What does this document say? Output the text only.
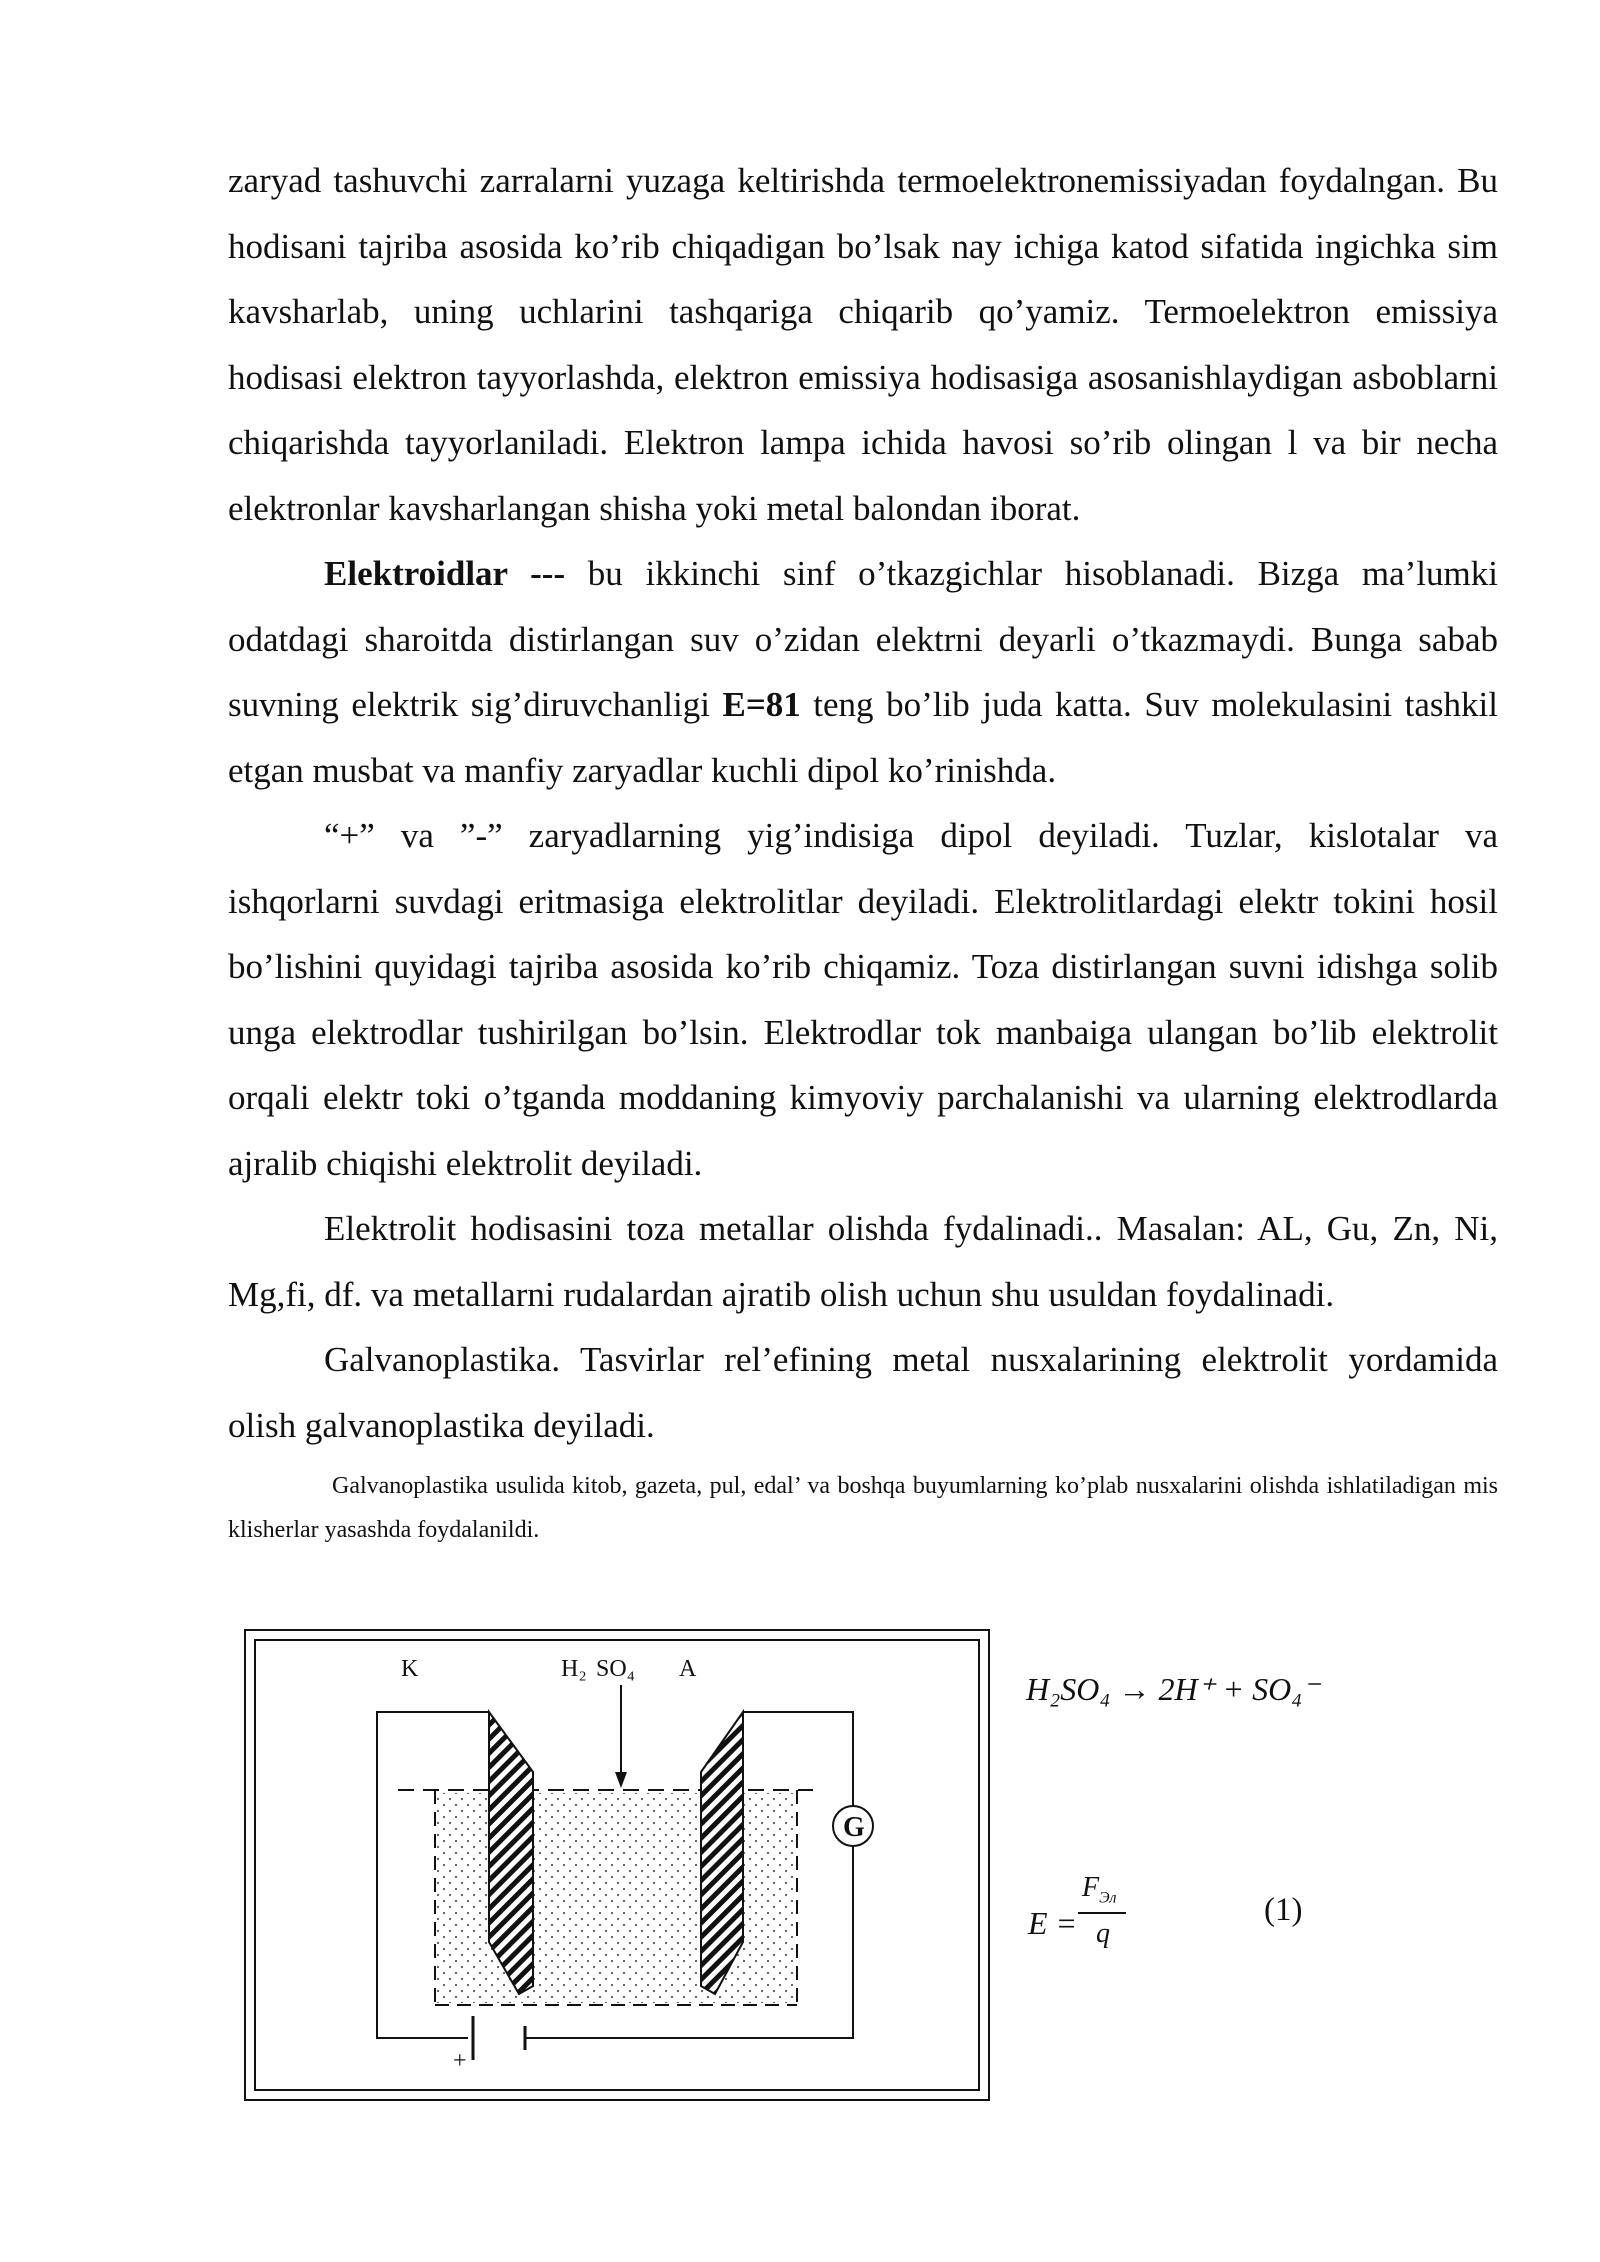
zaryad tashuvchi zarralarni yuzaga keltirishda termoelektronemissiyadan foydalngan. Bu hodisani tajriba asosida ko’rib chiqadigan bo’lsak nay ichiga katod sifatida ingichka sim kavsharlab, uning uchlarini tashqariga chiqarib qo’yamiz. Termoelektron emissiya hodisasi elektron tayyorlashda, elektron emissiya hodisasiga asosanishlaydigan asboblarni chiqarishda tayyorlaniladi. Elektron lampa ichida havosi so’rib olingan l va bir necha elektronlar kavsharlangan shisha yoki metal balondan iborat.

Elektroidlar --- bu ikkinchi sinf o’tkazgichlar hisoblanadi. Bizga ma’lumki odatdagi sharoitda distirlangan suv o’zidan elektrni deyarli o’tkazmaydi. Bunga sabab suvning elektrik sig’diruvchanligi E=81 teng bo’lib juda katta. Suv molekulasini tashkil etgan musbat va manfiy zaryadlar kuchli dipol ko’rinishda.

“+” va ”-” zaryadlarning yig’indisiga dipol deyiladi. Tuzlar, kislotalar va ishqorlarni suvdagi eritmasiga elektrolitlar deyiladi. Elektrolitlardagi elektr tokini hosil bo’lishini quyidagi tajriba asosida ko’rib chiqamiz. Toza distirlangan suvni idishga solib unga elektrodlar tushirilgan bo’lsin. Elektrodlar tok manbaiga ulangan bo’lib elektrolit orqali elektr toki o’tganda moddaning kimyoviy parchalanishi va ularning elektrodlarda ajralib chiqishi elektrolit deyiladi.

Elektrolit hodisasini toza metallar olishda fydalinadi.. Masalan: AL, Gu, Zn, Ni, Mg,fi, df. va metallarni rudalardan ajratib olish uchun shu usuldan foydalinadi.

Galvanoplastika. Tasvirlar rel’efining metal nusxalarining elektrolit yordamida olish galvanoplastika deyiladi.

Galvanoplastika usulida kitob, gazeta, pul, edal’ va boshqa buyumlarning ko’plab nusxalarini olishda ishlatiladigan mis klisherlar yasashda foydalanildi.

K	H₂ SO₄ A
G
+
H₂SO₄ → 2H⁺ + SO₄⁻
E =
$F_{Эл}$
q
(1)
